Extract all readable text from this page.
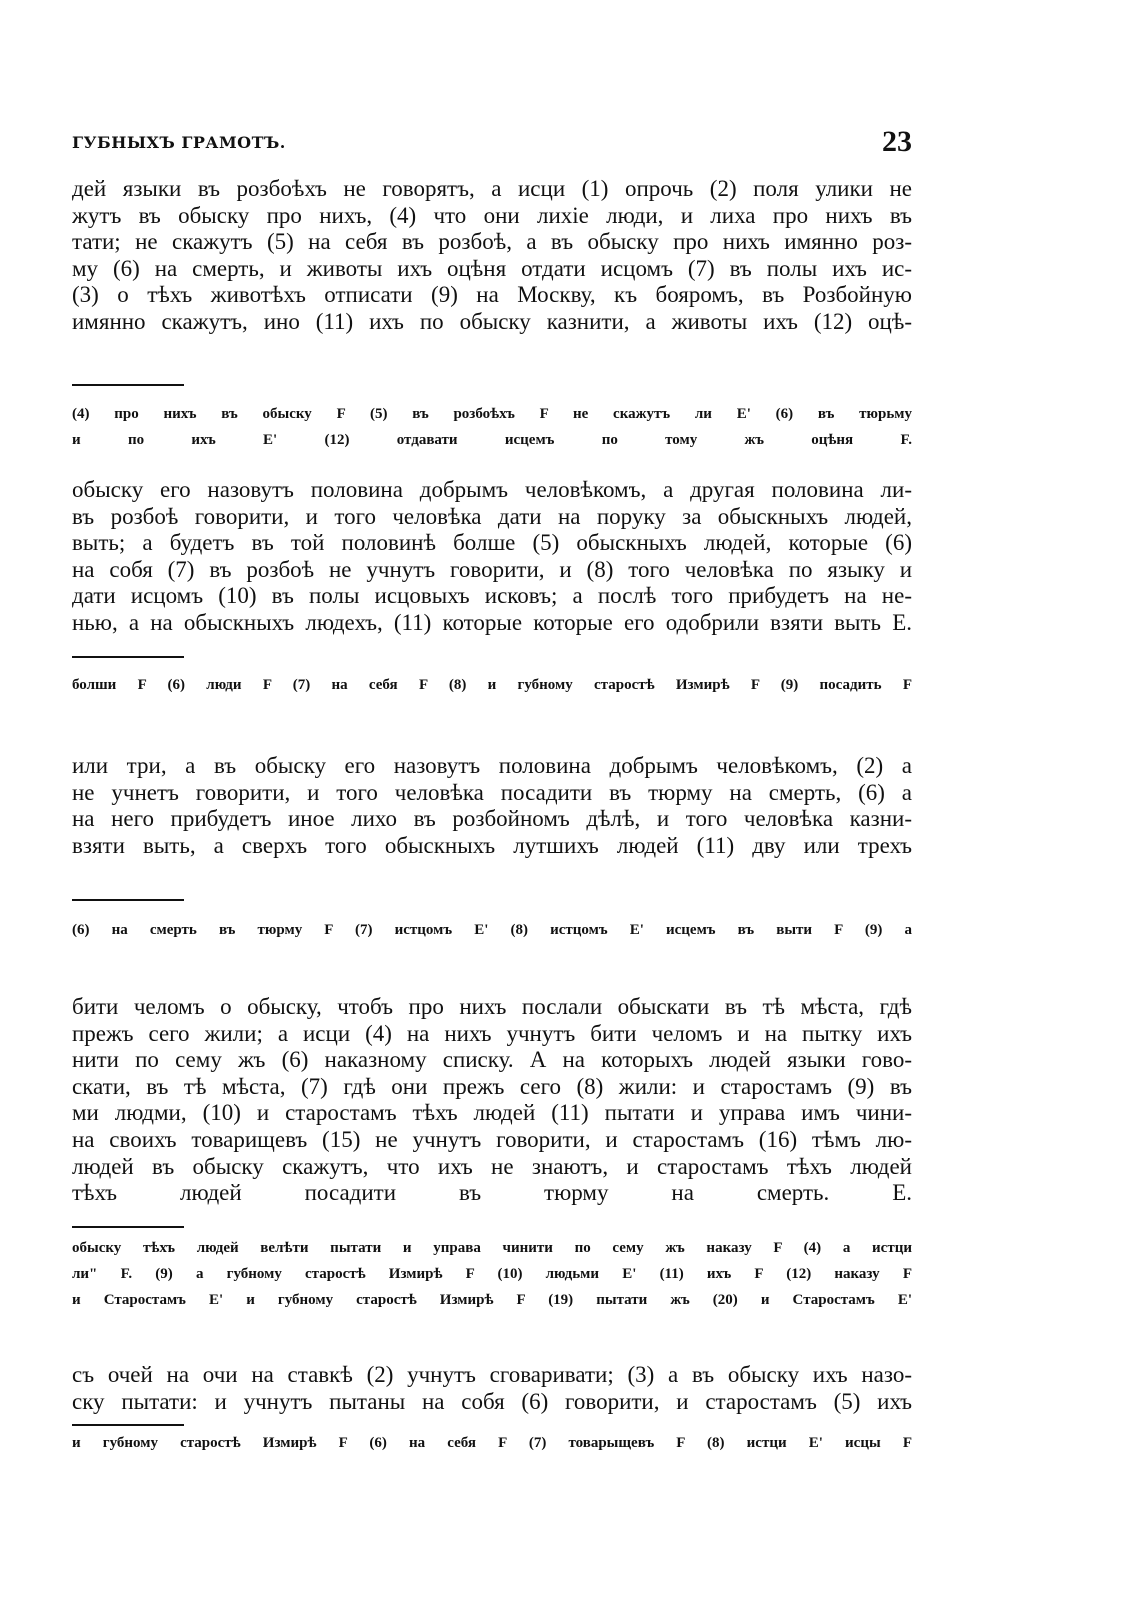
ГУБНЫХЪ ГРАМОТЪ.	23
дей языки въ розбоѣхъ не говорятъ, а исци (1) опрочь (2) поля улики не
жутъ въ обыску про нихъ, (4) что они лихіе люди, и лиха про нихъ въ
тати; не скажутъ (5) на себя въ розбоѣ, а въ обыску про нихъ имянно роз-
му (6) на смерть, и животы ихъ оцѣня отдати исцомъ (7) въ полы ихъ ис-
(3) о тѣхъ животѣхъ отписати (9) на Москву, къ бояромъ, въ Розбойную
имянно скажутъ, ино (11) ихъ по обыску казнити, а животы ихъ (12) оцѣ-
(4) про нихъ въ обыску F (5) въ розбоѣхъ F не скажутъ ли E' (6) въ тюрьму
и по ихъ E' (12) отдавати исцемъ по тому жъ оцѣня F.
обыску его назовутъ половина добрымъ человѣкомъ, а другая половина ли-
въ розбоѣ говорити, и того человѣка дати на поруку за обыскныхъ людей,
выть; а будетъ въ той половинѣ болше (5) обыскныхъ людей, которые (6)
на собя (7) въ розбоѣ не учнутъ говорити, и (8) того человѣка по языку и
дати исцомъ (10) въ полы исцовыхъ исковъ; а послѣ того прибудетъ на не-
нью, а на обыскныхъ людехъ, (11) которые которые его одобрили взяти выть E.
болши F (6) люди F (7) на себя F (8) и губному старостѣ Измирѣ F (9) посадить F
или три, а въ обыску его назовутъ половина добрымъ человѣкомъ, (2) а
не учнетъ говорити, и того человѣка посадити въ тюрму на смерть, (6) а
на него прибудетъ иное лихо въ розбойномъ дѣлѣ, и того человѣка казни-
взяти выть, а сверхъ того обыскныхъ лутшихъ людей (11) дву или трехъ
(6) на смерть въ тюрму F (7) истцомъ E' (8) истцомъ E' исцемъ въ выти F (9) а
бити челомъ о обыску, чтобъ про нихъ послали обыскати въ тѣ мѣста, гдѣ
прежъ сего жили; а исци (4) на нихъ учнутъ бити челомъ и на пытку ихъ
нити по сему жъ (6) наказному списку. А на которыхъ людей языки гово-
скати, въ тѣ мѣста, (7) гдѣ они прежъ сего (8) жили: и старостамъ (9) въ
ми людми, (10) и старостамъ тѣхъ людей (11) пытати и управа имъ чини-
на своихъ товарищевъ (15) не учнутъ говорити, и старостамъ (16) тѣмъ лю-
людей въ обыску скажутъ, что ихъ не знаютъ, и старостамъ тѣхъ людей
тѣхъ людей посадити въ тюрму на смерть. E.
обыску тѣхъ людей велѣти пытати и управа чинити по сему жъ наказу F (4) а истци
ли" F. (9) а губному старостѣ Измирѣ F (10) людьми E' (11) ихъ F (12) наказу F
и Старостамъ E' и губному старостѣ Измирѣ F (19) пытати жъ (20) и Старостамъ E'
съ очей на очи на ставкѣ (2) учнутъ сговаривати; (3) а въ обыску ихъ назо-
ску пытати: и учнутъ пытаны на собя (6) говорити, и старостамъ (5) ихъ
и губному старостѣ Измирѣ F (6) на себя F (7) товарыщевъ F (8) истци E' исцы F
